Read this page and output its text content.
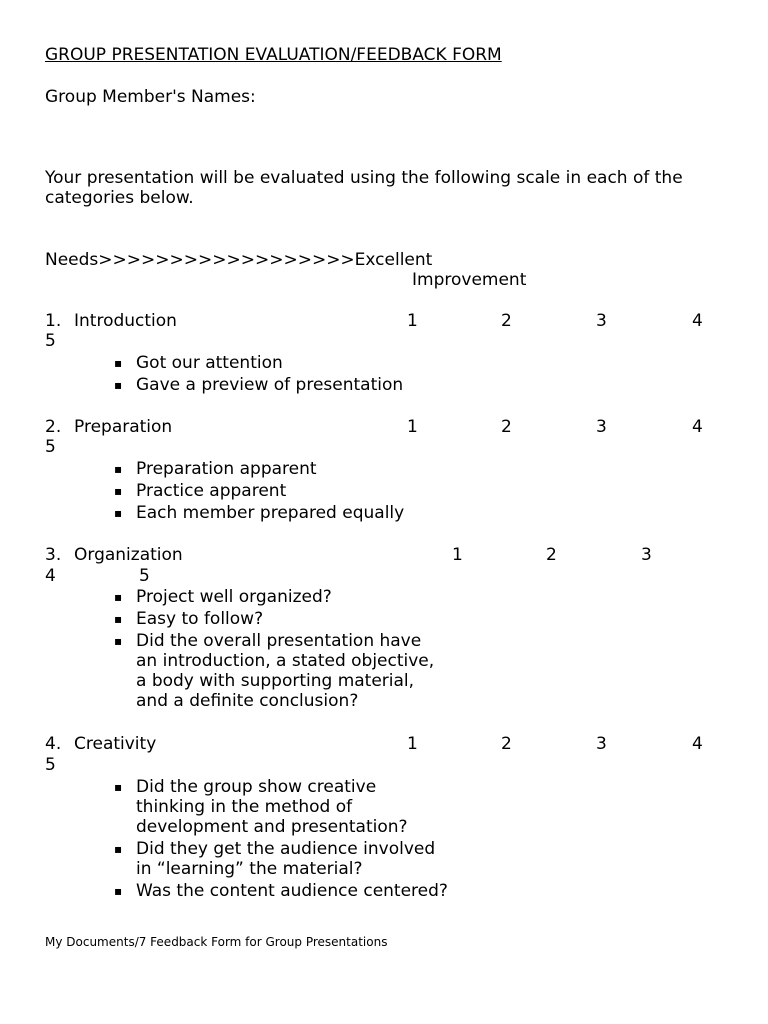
GROUP PRESENTATION EVALUATION/FEEDBACK FORM
Group Member's Names:
Your presentation will be evaluated using the following scale in each of the
categories below.
Needs>>>>>>>>>>>>>>>>>>Excellent
Improvement
1. Introduction	1	2	3	4
5
▪ Got our attention
▪ Gave a preview of presentation
2. Preparation	1	2	3	4
5
▪ Preparation apparent
▪ Practice apparent
▪ Each member prepared equally
3. Organization	1	2	3
4	5
▪ Project well organized?
▪ Easy to follow?
▪ Did the overall presentation have
an introduction, a stated objective,
a body with supporting material,
and a definite conclusion?
4. Creativity	1	2	3	4
5
▪ Did the group show creative
thinking in the method of
development and presentation?
▪ Did they get the audience involved
in “learning” the material?
▪ Was the content audience centered?
My Documents/7 Feedback Form for Group Presentations
